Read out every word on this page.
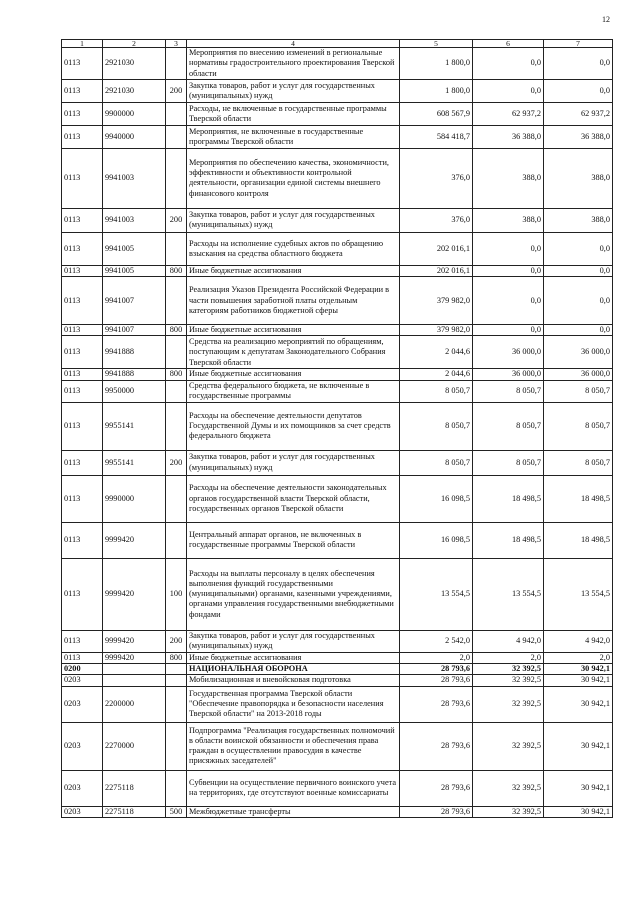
12
1	2	3	4	5	6	7
0113	2921030		Мероприятия по внесению изменений в региональные нормативы градостроительного проектирования Тверской области	1 800,0	0,0	0,0
0113	2921030	200	Закупка товаров, работ и услуг для государственных (муниципальных) нужд	1 800,0	0,0	0,0
0113	9900000		Расходы, не включенные в государственные программы Тверской области	608 567,9	62 937,2	62 937,2
0113	9940000		Мероприятия, не включенные в государственные программы Тверской области	584 418,7	36 388,0	36 388,0
0113	9941003		Мероприятия по обеспечению качества, экономичности, эффективности и объективности контрольной деятельности, организации единой системы внешнего финансового контроля	376,0	388,0	388,0
0113	9941003	200	Закупка товаров, работ и услуг для государственных (муниципальных) нужд	376,0	388,0	388,0
0113	9941005		Расходы на исполнение судебных актов по обращению взыскания на средства областного бюджета	202 016,1	0,0	0,0
0113	9941005	800	Иные бюджетные ассигнования	202 016,1	0,0	0,0
0113	9941007		Реализация Указов Президента Российской Федерации в части повышения заработной платы отдельным категориям работников бюджетной сферы	379 982,0	0,0	0,0
0113	9941007	800	Иные бюджетные ассигнования	379 982,0	0,0	0,0
0113	9941888		Средства на реализацию мероприятий по обращениям, поступающим к депутатам Законодательного Собрания Тверской области	2 044,6	36 000,0	36 000,0
0113	9941888	800	Иные бюджетные ассигнования	2 044,6	36 000,0	36 000,0
0113	9950000		Средства федерального бюджета, не включенные в государственные программы	8 050,7	8 050,7	8 050,7
0113	9955141		Расходы на обеспечение деятельности депутатов Государственной Думы и их помощников за счет средств федерального бюджета	8 050,7	8 050,7	8 050,7
0113	9955141	200	Закупка товаров, работ и услуг для государственных (муниципальных) нужд	8 050,7	8 050,7	8 050,7
0113	9990000		Расходы на обеспечение деятельности законодательных органов государственной власти Тверской области, государственных органов Тверской области	16 098,5	18 498,5	18 498,5
0113	9999420		Центральный аппарат органов, не включенных в государственные программы Тверской области	16 098,5	18 498,5	18 498,5
0113	9999420	100	Расходы на выплаты персоналу в целях обеспечения выполнения функций государственными (муниципальными) органами, казенными учреждениями, органами управления государственными внебюджетными фондами	13 554,5	13 554,5	13 554,5
0113	9999420	200	Закупка товаров, работ и услуг для государственных (муниципальных) нужд	2 542,0	4 942,0	4 942,0
0113	9999420	800	Иные бюджетные ассигнования	2,0	2,0	2,0
0200			НАЦИОНАЛЬНАЯ ОБОРОНА	28 793,6	32 392,5	30 942,1
0203			Мобилизационная и вневойсковая подготовка	28 793,6	32 392,5	30 942,1
0203	2200000		Государственная программа Тверской области "Обеспечение правопорядка и безопасности населения Тверской области" на 2013-2018 годы	28 793,6	32 392,5	30 942,1
0203	2270000		Подпрограмма "Реализация государственных полномочий в области воинской обязанности и обеспечения права граждан в осуществлении правосудия в качестве присяжных заседателей"	28 793,6	32 392,5	30 942,1
0203	2275118		Субвенции на осуществление первичного воинского учета на территориях, где отсутствуют военные комиссариаты	28 793,6	32 392,5	30 942,1
0203	2275118	500	Межбюджетные трансферты	28 793,6	32 392,5	30 942,1
